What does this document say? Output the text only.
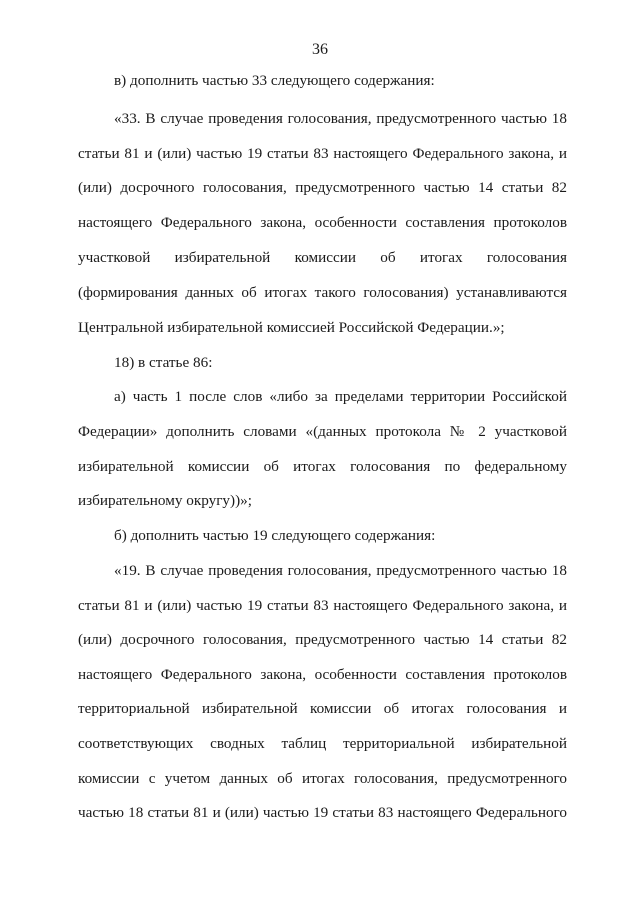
36
в) дополнить частью 33 следующего содержания:
«33. В случае проведения голосования, предусмотренного частью 18
статьи 81 и (или) частью 19 статьи 83 настоящего Федерального закона, и
(или) досрочного голосования, предусмотренного частью 14 статьи 82
настоящего Федерального закона, особенности составления протоколов
участковой избирательной комиссии об итогах голосования
(формирования данных об итогах такого голосования) устанавливаются
Центральной избирательной комиссией Российской Федерации.»;
18) в статье 86:
а) часть 1 после слов «либо за пределами территории Российской
Федерации» дополнить словами «(данных протокола № 2 участковой
избирательной комиссии об итогах голосования по федеральному
избирательному округу))»;
б) дополнить частью 19 следующего содержания:
«19. В случае проведения голосования, предусмотренного частью 18
статьи 81 и (или) частью 19 статьи 83 настоящего Федерального закона, и
(или) досрочного голосования, предусмотренного частью 14 статьи 82
настоящего Федерального закона, особенности составления протоколов
территориальной избирательной комиссии об итогах голосования и
соответствующих сводных таблиц территориальной избирательной
комиссии с учетом данных об итогах голосования, предусмотренного
частью 18 статьи 81 и (или) частью 19 статьи 83 настоящего Федерального
